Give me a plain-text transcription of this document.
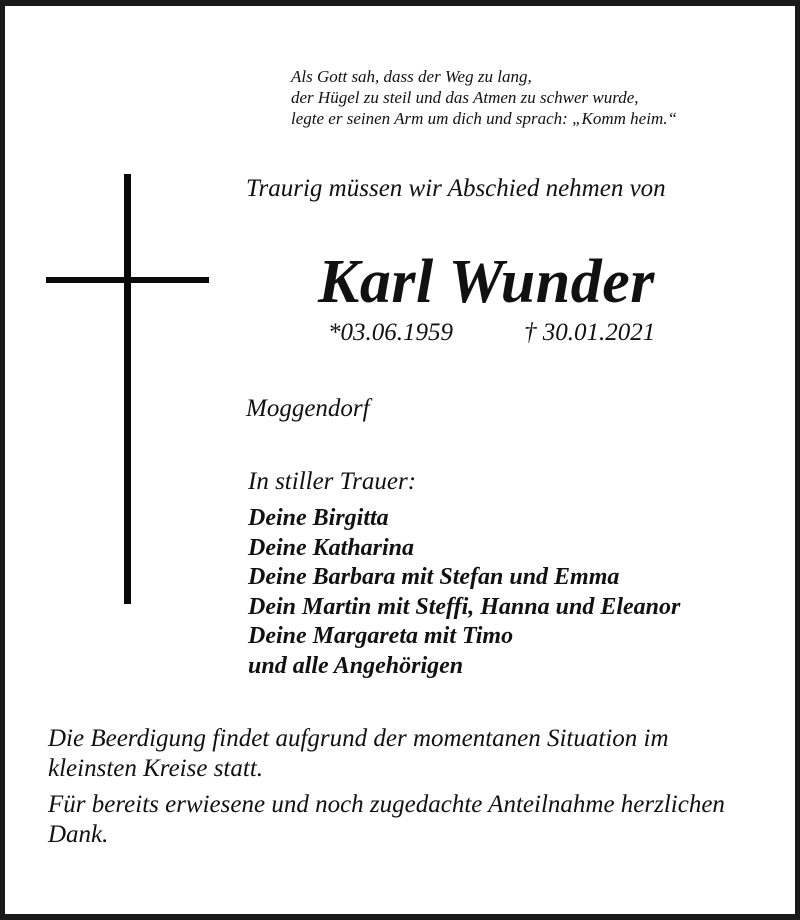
Als Gott sah, dass der Weg zu lang,
der Hügel zu steil und das Atmen zu schwer wurde,
legte er seinen Arm um dich und sprach: „Komm heim.“
Traurig müssen wir Abschied nehmen von
Karl Wunder
*03.06.1959	† 30.01.2021
Moggendorf
In stiller Trauer:
Deine Birgitta
Deine Katharina
Deine Barbara mit Stefan und Emma
Dein Martin mit Steffi, Hanna und Eleanor
Deine Margareta mit Timo
und alle Angehörigen

Die Beerdigung findet aufgrund der momentanen Situation im kleinsten Kreise statt.

Für bereits erwiesene und noch zugedachte Anteilnahme herzlichen Dank.
